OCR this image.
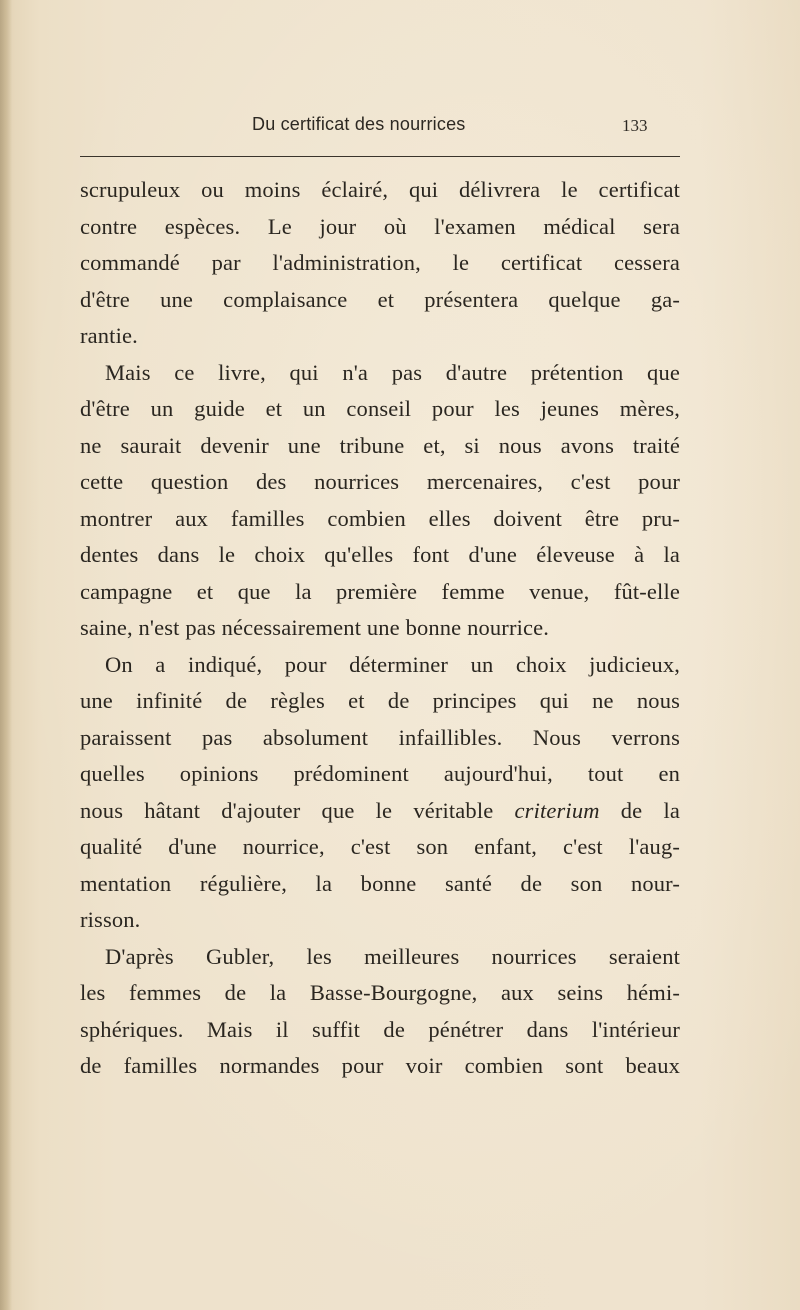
Du certificat des nourrices	133
scrupuleux ou moins éclairé, qui délivrera le certificat
contre espèces. Le jour où l'examen médical sera
commandé par l'administration, le certificat cessera
d'être une complaisance et présentera quelque ga-
rantie.
Mais ce livre, qui n'a pas d'autre prétention que
d'être un guide et un conseil pour les jeunes mères,
ne saurait devenir une tribune et, si nous avons traité
cette question des nourrices mercenaires, c'est pour
montrer aux familles combien elles doivent être pru-
dentes dans le choix qu'elles font d'une éleveuse à la
campagne et que la première femme venue, fût-elle
saine, n'est pas nécessairement une bonne nourrice.
On a indiqué, pour déterminer un choix judicieux,
une infinité de règles et de principes qui ne nous
paraissent pas absolument infaillibles. Nous verrons
quelles opinions prédominent aujourd'hui, tout en
nous hâtant d'ajouter que le véritable criterium de la
qualité d'une nourrice, c'est son enfant, c'est l'aug-
mentation régulière, la bonne santé de son nour-
risson.
D'après Gubler, les meilleures nourrices seraient
les femmes de la Basse-Bourgogne, aux seins hémi-
sphériques. Mais il suffit de pénétrer dans l'intérieur
de familles normandes pour voir combien sont beaux
